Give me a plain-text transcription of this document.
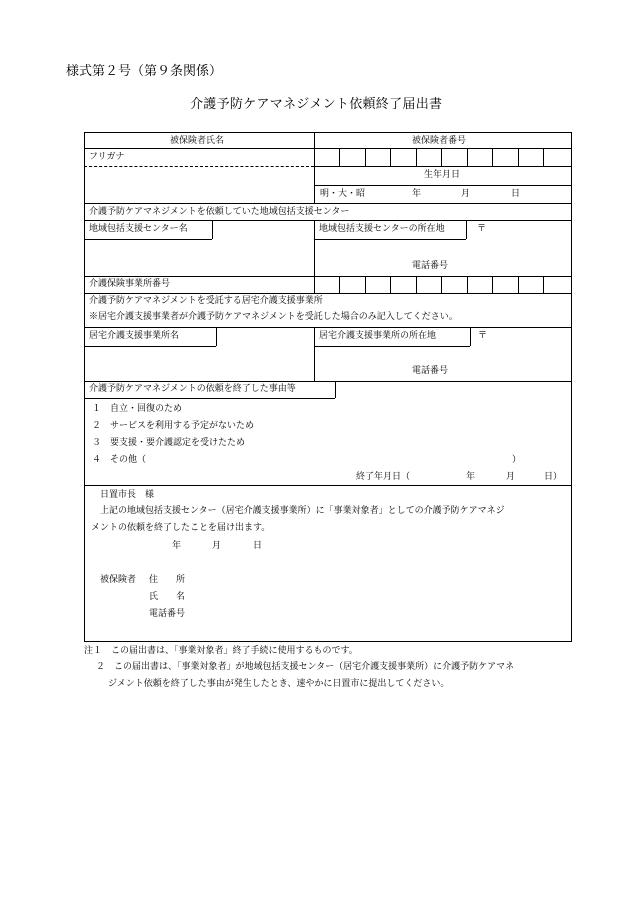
様式第２号（第９条関係）
介護予防ケアマネジメント依頼終了届出書
被保険者氏名	被保険者番号
フリガナ
生年月日
明・大・昭	年	月	日
介護予防ケアマネジメントを依頼していた地域包括支援センター
地域包括支援センター名	地域包括支援センターの所在地	〒
電話番号
介護保険事業所番号
介護予防ケアマネジメントを受託する居宅介護支援事業所
※居宅介護支援事業者が介護予防ケアマネジメントを受託した場合のみ記入してください。
居宅介護支援事業所名	居宅介護支援事業所の所在地	〒
電話番号
介護予防ケアマネジメントの依頼を終了した事由等
１　自立・回復のため
２　サービスを利用する予定がないため
３　要支援・要介護認定を受けたため
４　その他（	）
終了年月日（	年	月	日）
日置市長　様
上記の地域包括支援センター（居宅介護支援事業所）に「事業対象者」としての介護予防ケアマネジ
メントの依頼を終了したことを届け出ます。
年	月	日
被保険者 住　　所
氏　　名
電話番号
注１　この届出書は、「事業対象者」終了手続に使用するものです。
２　この届出書は、「事業対象者」が地域包括支援センター（居宅介護支援事業所）に介護予防ケアマネ
ジメント依頼を終了した事由が発生したとき、速やかに日置市に提出してください。
